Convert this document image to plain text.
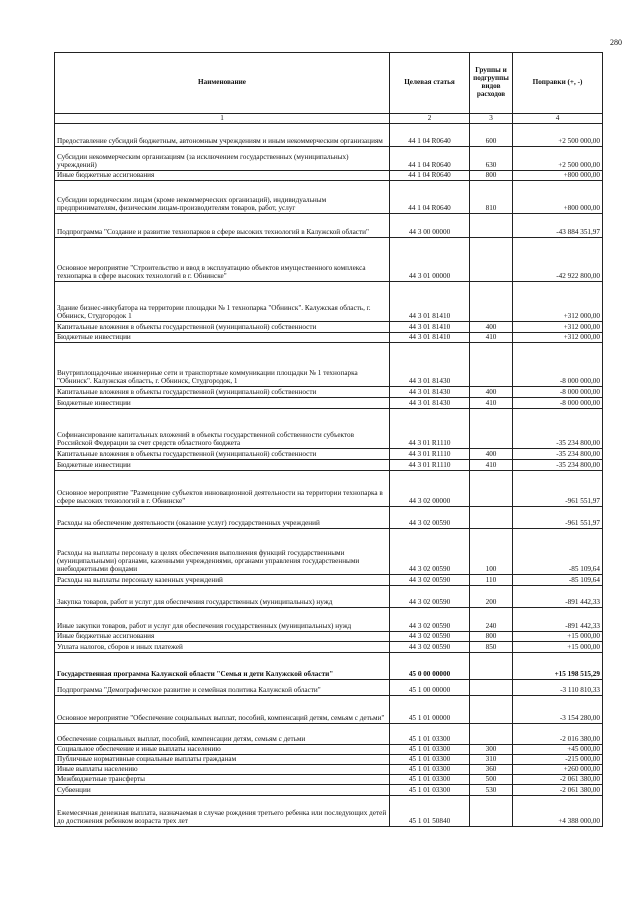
280
Наименование	Целевая статья	Группы и подгруппы видов расходов	Поправки (+, -)
1	2	3	4
Предоставление субсидий бюджетным, автономным учреждениям и иным некоммерческим организациям	44 1 04 R0640	600	+2 500 000,00
Субсидии некоммерческим организациям (за исключением государственных (муниципальных) учреждений)	44 1 04 R0640	630	+2 500 000,00
Иные бюджетные ассигнования	44 1 04 R0640	800	+800 000,00
Субсидии юридическим лицам (кроме некоммерческих организаций), индивидуальным предпринимателям, физическим лицам-производителям товаров, работ, услуг	44 1 04 R0640	810	+800 000,00
Подпрограмма "Создание и развитие технопарков в сфере высоких технологий в Калужской области"	44 3 00 00000		-43 884 351,97
Основное мероприятие "Строительство и ввод в эксплуатацию объектов имущественного комплекса технопарка в сфере высоких технологий в г. Обнинске"	44 3 01 00000		-42 922 800,00
Здание бизнес-инкубатора на территории площадки № 1 технопарка "Обнинск". Калужская область, г. Обнинск, Студгородок 1	44 3 01 81410		+312 000,00
Капитальные вложения в объекты государственной (муниципальной) собственности	44 3 01 81410	400	+312 000,00
Бюджетные инвестиции	44 3 01 81410	410	+312 000,00
Внутриплощадочные инженерные сети и транспортные коммуникации площадки № 1 технопарка "Обнинск". Калужская область, г. Обнинск, Студгородок, 1	44 3 01 81430		-8 000 000,00
Капитальные вложения в объекты государственной (муниципальной) собственности	44 3 01 81430	400	-8 000 000,00
Бюджетные инвестиции	44 3 01 81430	410	-8 000 000,00
Софинансирование капитальных вложений в объекты государственной собственности субъектов Российской Федерации за счет средств областного бюджета	44 3 01 R1110		-35 234 800,00
Капитальные вложения в объекты государственной (муниципальной) собственности	44 3 01 R1110	400	-35 234 800,00
Бюджетные инвестиции	44 3 01 R1110	410	-35 234 800,00
Основное мероприятие "Размещение субъектов инновационной деятельности на территории технопарка в сфере высоких технологий в г. Обнинске"	44 3 02 00000		-961 551,97
Расходы на обеспечение деятельности (оказание услуг) государственных учреждений	44 3 02 00590		-961 551,97
Расходы на выплаты персоналу в целях обеспечения выполнения функций государственными (муниципальными) органами, казенными учреждениями, органами управления государственными внебюджетными фондами	44 3 02 00590	100	-85 109,64
Расходы на выплаты персоналу казенных учреждений	44 3 02 00590	110	-85 109,64
Закупка товаров, работ и услуг для обеспечения государственных (муниципальных) нужд	44 3 02 00590	200	-891 442,33
Иные закупки товаров, работ и услуг для обеспечения государственных (муниципальных) нужд	44 3 02 00590	240	-891 442,33
Иные бюджетные ассигнования	44 3 02 00590	800	+15 000,00
Уплата налогов, сборов и иных платежей	44 3 02 00590	850	+15 000,00
Государственная программа Калужской области "Семья и дети Калужской области"	45 0 00 00000		+15 198 515,29
Подпрограмма "Демографическое развитие и семейная политика Калужской области"	45 1 00 00000		-3 110 810,33
Основное мероприятие "Обеспечение социальных выплат, пособий, компенсаций детям, семьям с детьми"	45 1 01 00000		-3 154 280,00
Обеспечение социальных выплат, пособий, компенсации детям, семьям с детьми	45 1 01 03300		-2 016 380,00
Социальное обеспечение и иные выплаты населению	45 1 01 03300	300	+45 000,00
Публичные нормативные социальные выплаты гражданам	45 1 01 03300	310	-215 000,00
Иные выплаты населению	45 1 01 03300	360	+260 000,00
Межбюджетные трансферты	45 1 01 03300	500	-2 061 380,00
Субвенции	45 1 01 03300	530	-2 061 380,00
Ежемесячная денежная выплата, назначаемая в случае рождения третьего ребенка или последующих детей до достижения ребенком возраста трех лет	45 1 01 50840		+4 388 000,00
